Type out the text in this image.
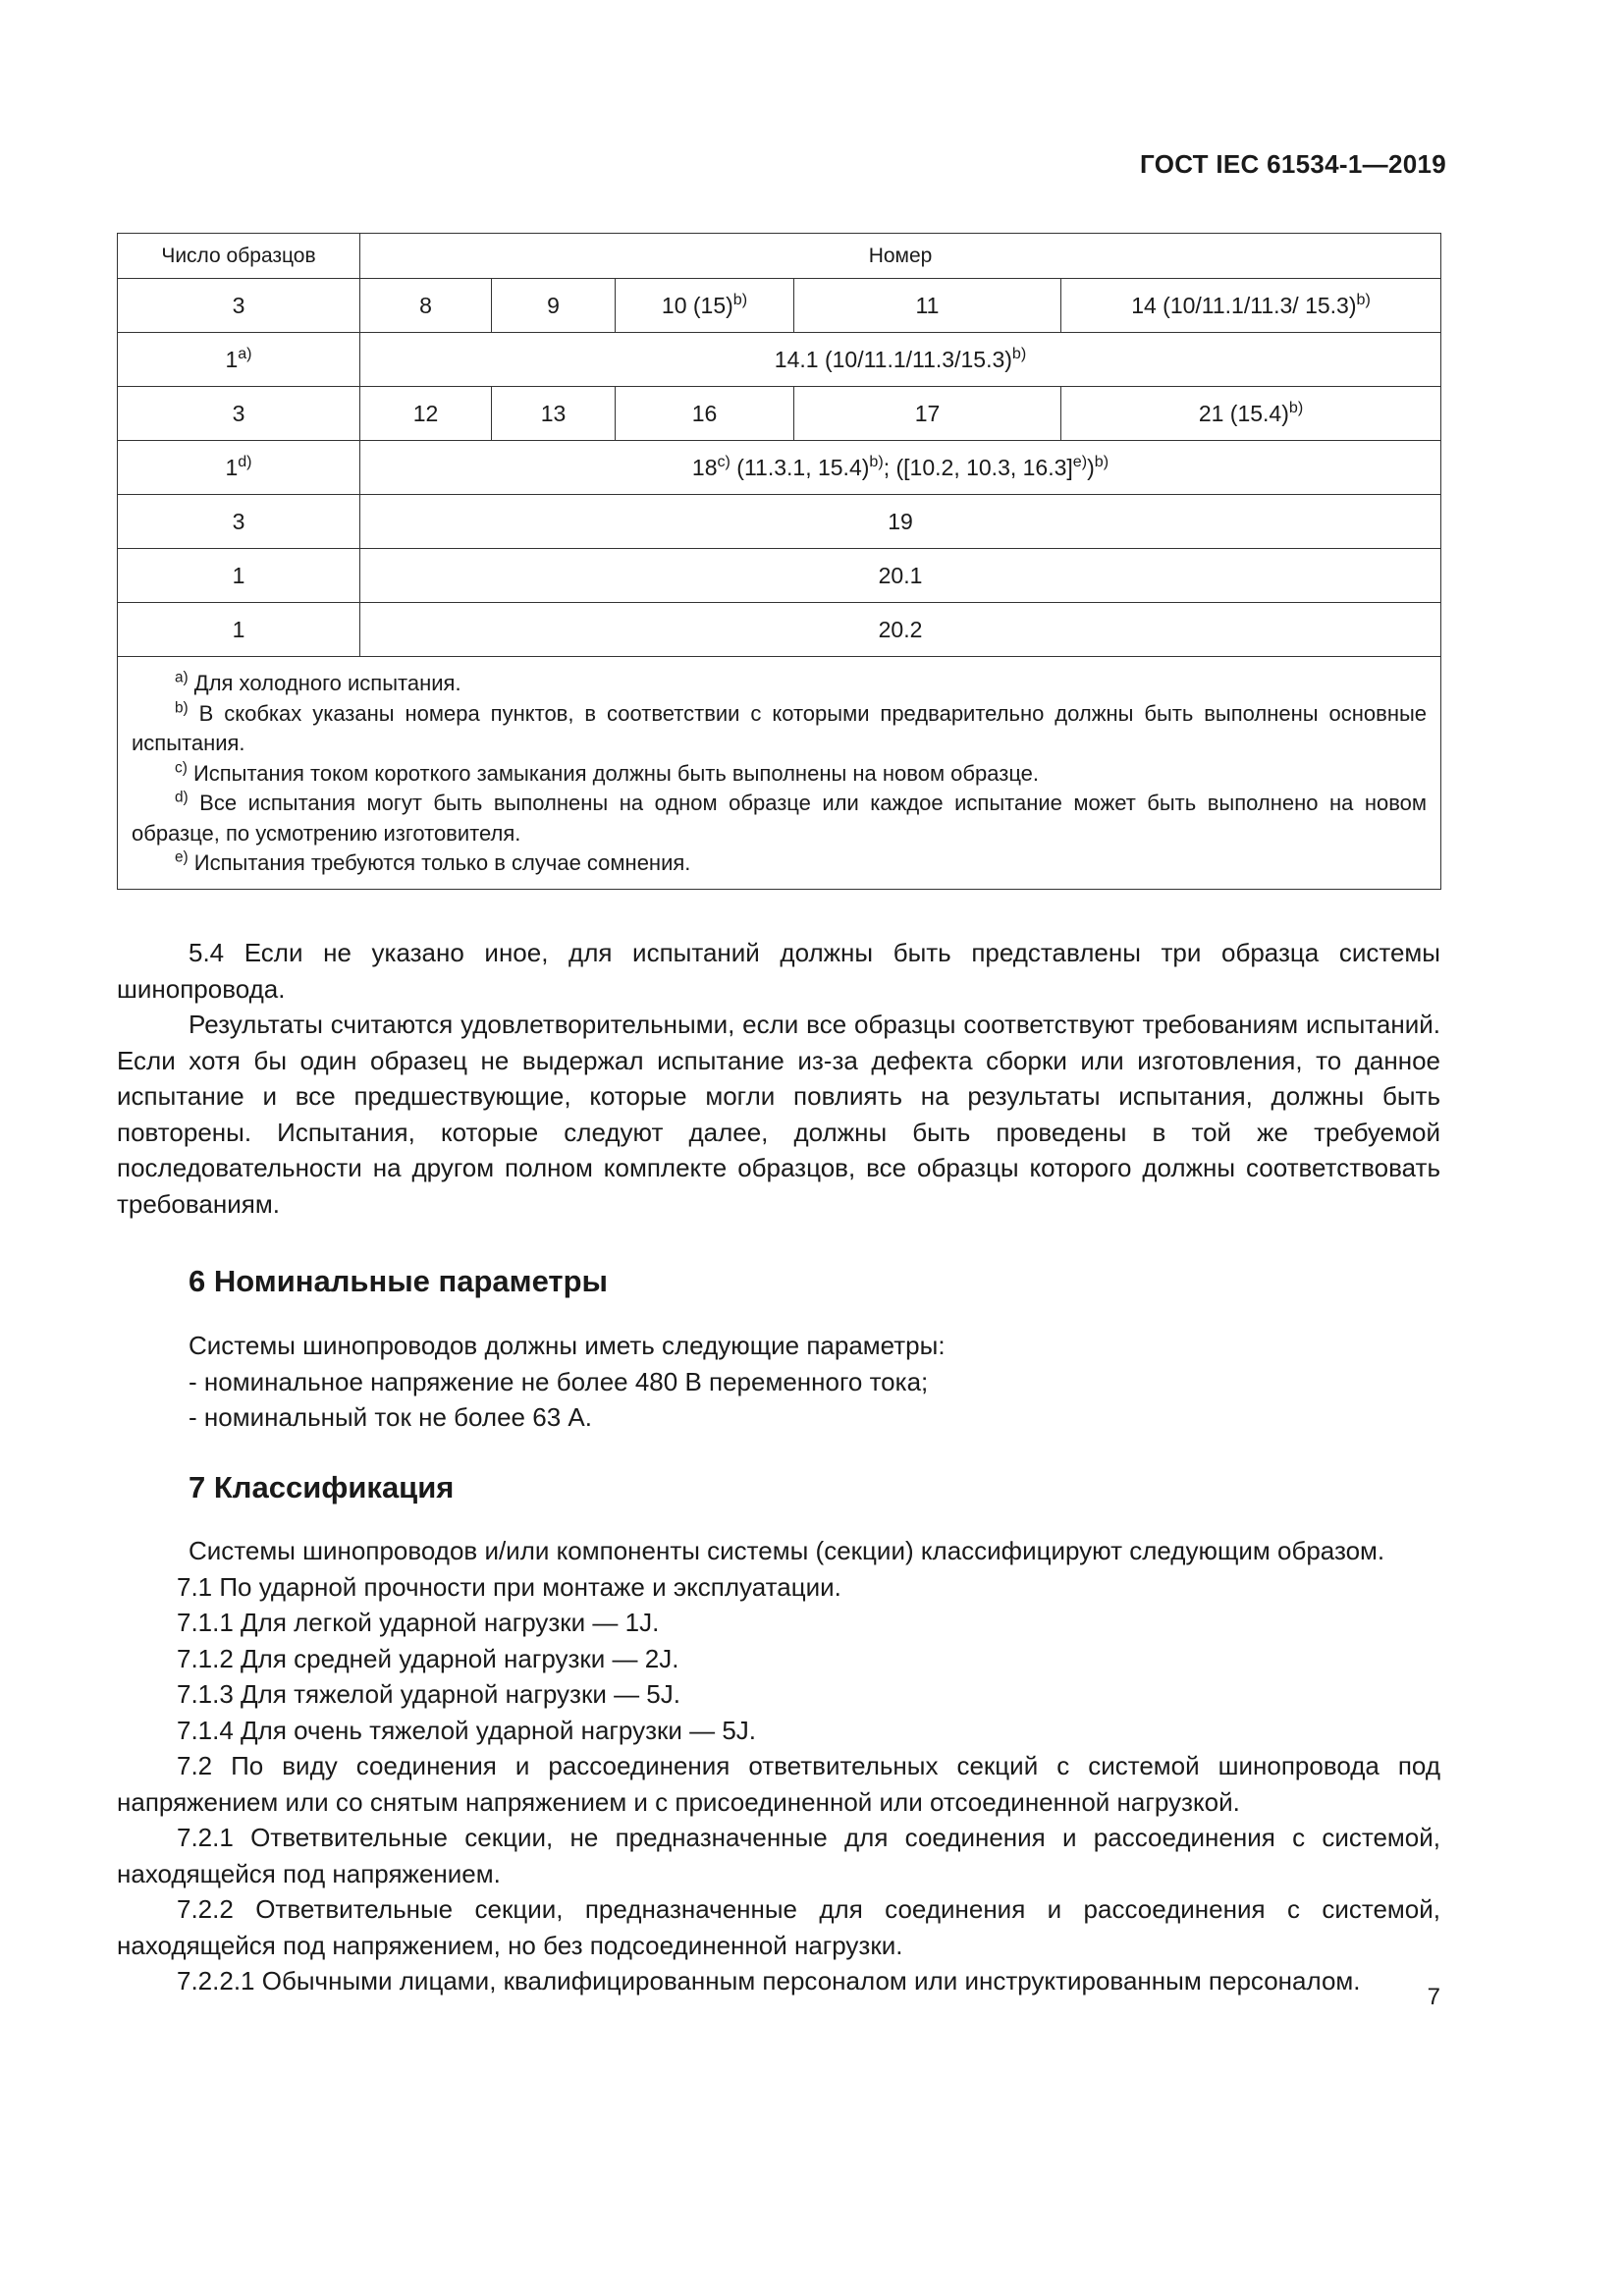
ГОСТ IEC 61534-1—2019
Число образцов	Номер				
3	8	9	10 $(15)^{b)}$	11	14 (10/11.1/11.3/ 15.3)$^{b)}$
1$^{a)}$	14.1 $(10/11.1/11.3/15.3)^{b)}$
3	12	13	16	17	21 $(15.4)^{b)}$
1$^{d)}$	18$^{c)}$ (11.3.1, 15.4)$^{b)}$; ([10.2, 10.3, 16.3]$^{e)}$)$^{b)}$
3	19				
1	20.1				
1	20.2				

$^{a)}$ Для холодного испытания.

$^{b)}$ В скобках указаны номера пунктов, в соответствии с которыми предварительно должны быть выполнены основные испытания.

$^{c)}$ Испытания током короткого замыкания должны быть выполнены на новом образце.

$^{d)}$ Все испытания могут быть выполнены на одном образце или каждое испытание может быть выполнено на новом образце, по усмотрению изготовителя.

$^{e)}$ Испытания требуются только в случае сомнения.					

5.4 Если не указано иное, для испытаний должны быть представлены три образца системы шинопровода.

Результаты считаются удовлетворительными, если все образцы соответствуют требованиям испытаний. Если хотя бы один образец не выдержал испытание из-за дефекта сборки или изготовления, то данное испытание и все предшествующие, которые могли повлиять на результаты испытания, должны быть повторены. Испытания, которые следуют далее, должны быть проведены в той же требуемой последовательности на другом полном комплекте образцов, все образцы которого должны соответствовать требованиям.

6 Номинальные параметры

Системы шинопроводов должны иметь следующие параметры:

- номинальное напряжение не более 480 В переменного тока;

- номинальный ток не более 63 А.

7 Классификация

Системы шинопроводов и/или компоненты системы (секции) классифицируют следующим образом.

7.1 По ударной прочности при монтаже и эксплуатации.

7.1.1 Для легкой ударной нагрузки — 1J.

7.1.2 Для средней ударной нагрузки — 2J.

7.1.3 Для тяжелой ударной нагрузки — 5J.

7.1.4 Для очень тяжелой ударной нагрузки — 5J.

7.2 По виду соединения и рассоединения ответвительных секций с системой шинопровода под напряжением или со снятым напряжением и с присоединенной или отсоединенной нагрузкой.

7.2.1 Ответвительные секции, не предназначенные для соединения и рассоединения с системой, находящейся под напряжением.

7.2.2 Ответвительные секции, предназначенные для соединения и рассоединения с системой, находящейся под напряжением, но без подсоединенной нагрузки.

7.2.2.1 Обычными лицами, квалифицированным персоналом или инструктированным персоналом.

7
